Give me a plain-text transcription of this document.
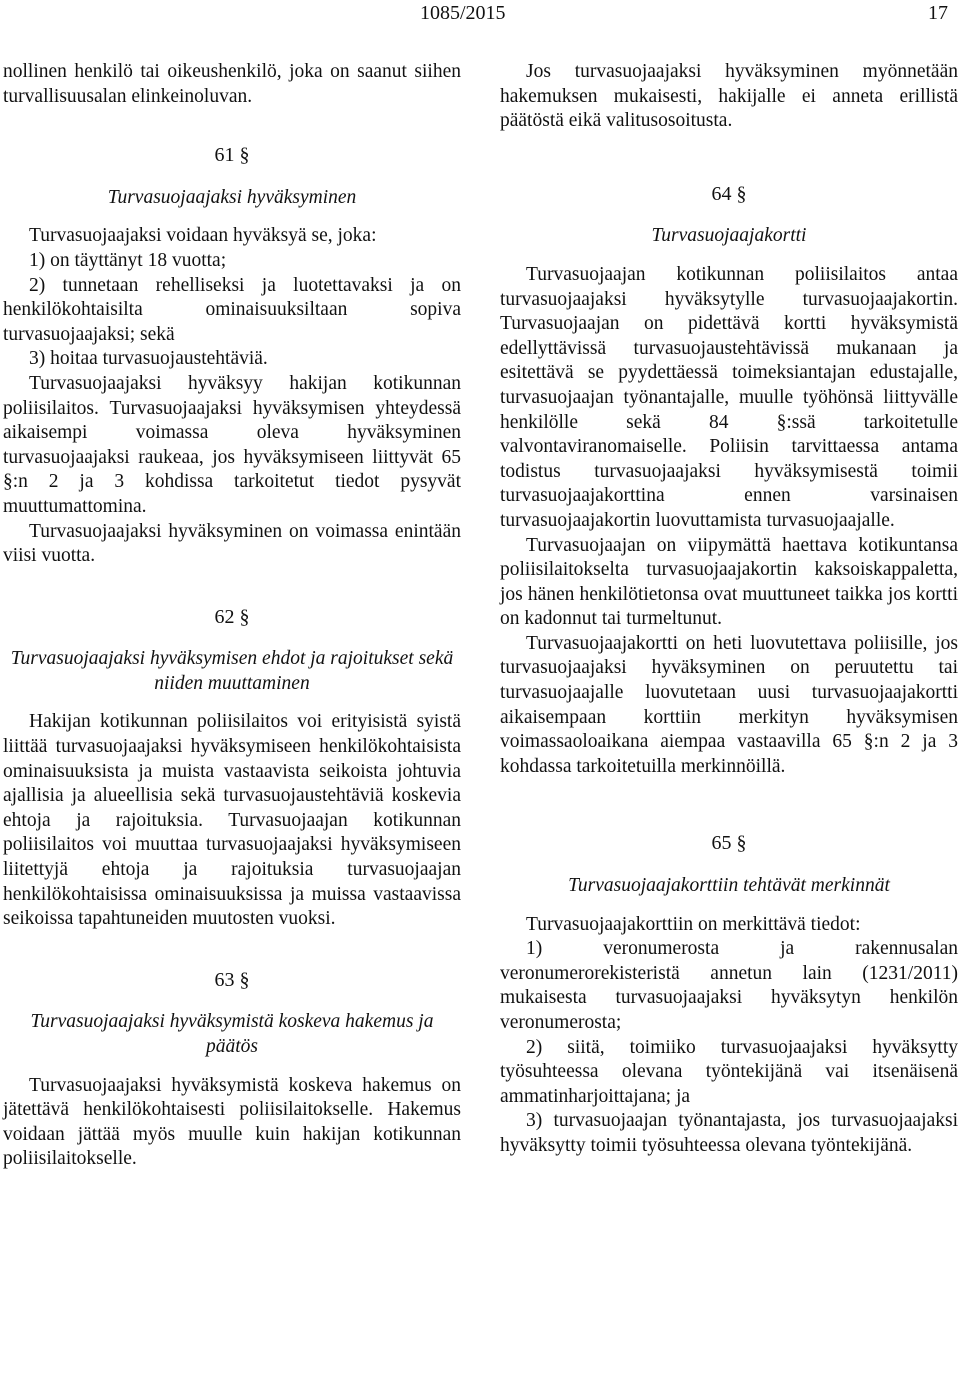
1085/2015	17

nollinen henkilö tai oikeushenkilö, joka on saanut siihen turvallisuusalan elinkeinoluvan.

61 §
Turvasuojaajaksi hyväksyminen

Turvasuojaajaksi voidaan hyväksyä se, joka:

1) on täyttänyt 18 vuotta;

2) tunnetaan rehelliseksi ja luotettavaksi ja on henkilökohtaisilta ominaisuuksiltaan sopiva turvasuojaajaksi; sekä

3) hoitaa turvasuojaustehtäviä.

Turvasuojaajaksi hyväksyy hakijan kotikunnan poliisilaitos. Turvasuojaajaksi hyväksymisen yhteydessä aikaisempi voimassa oleva hyväksyminen turvasuojaajaksi raukeaa, jos hyväksymiseen liittyvät 65 §:n 2 ja 3 kohdissa tarkoitetut tiedot pysyvät muuttumattomina.

Turvasuojaajaksi hyväksyminen on voimassa enintään viisi vuotta.

62 §
Turvasuojaajaksi hyväksymisen ehdot ja rajoitukset sekä niiden muuttaminen

Hakijan kotikunnan poliisilaitos voi erityisistä syistä liittää turvasuojaajaksi hyväksymiseen henkilökohtaisista ominaisuuksista ja muista vastaavista seikoista johtuvia ajallisia ja alueellisia sekä turvasuojaustehtäviä koskevia ehtoja ja rajoituksia. Turvasuojaajan kotikunnan poliisilaitos voi muuttaa turvasuojaajaksi hyväksymiseen liitettyjä ehtoja ja rajoituksia turvasuojaajan henkilökohtaisissa ominaisuuksissa ja muissa vastaavissa seikoissa tapahtuneiden muutosten vuoksi.

63 §
Turvasuojaajaksi hyväksymistä koskeva hakemus ja päätös

Turvasuojaajaksi hyväksymistä koskeva hakemus on jätettävä henkilökohtaisesti poliisilaitokselle. Hakemus voidaan jättää myös muulle kuin hakijan kotikunnan poliisilaitokselle.

Jos turvasuojaajaksi hyväksyminen myönnetään hakemuksen mukaisesti, hakijalle ei anneta erillistä päätöstä eikä valitusosoitusta.

64 §
Turvasuojaajakortti

Turvasuojaajan kotikunnan poliisilaitos antaa turvasuojaajaksi hyväksytylle turvasuojaajakortin. Turvasuojaajan on pidettävä kortti hyväksymistä edellyttävissä turvasuojaustehtävissä mukanaan ja esitettävä se pyydettäessä toimeksiantajan edustajalle, turvasuojaajan työnantajalle, muulle työhönsä liittyvälle henkilölle sekä 84 §:ssä tarkoitetulle valvontaviranomaiselle. Poliisin tarvittaessa antama todistus turvasuojaajaksi hyväksymisestä toimii turvasuojaajakorttina ennen varsinaisen turvasuojaajakortin luovuttamista turvasuojaajalle.

Turvasuojaajan on viipymättä haettava kotikuntansa poliisilaitokselta turvasuojaajakortin kaksoiskappaletta, jos hänen henkilötietonsa ovat muuttuneet taikka jos kortti on kadonnut tai turmeltunut.

Turvasuojaajakortti on heti luovutettava poliisille, jos turvasuojaajaksi hyväksyminen on peruutettu tai turvasuojaajalle luovutetaan uusi turvasuojaajakortti aikaisempaan korttiin merkityn hyväksymisen voimassaoloaikana aiempaa vastaavilla 65 §:n 2 ja 3 kohdassa tarkoitetuilla merkinnöillä.

65 §
Turvasuojaajakorttiin tehtävät merkinnät

Turvasuojaajakorttiin on merkittävä tiedot:

1) veronumerosta ja rakennusalan veronumerorekisteristä annetun lain (1231/2011) mukaisesta turvasuojaajaksi hyväksytyn henkilön veronumerosta;

2) siitä, toimiiko turvasuojaajaksi hyväksytty työsuhteessa olevana työntekijänä vai itsenäisenä ammatinharjoittajana; ja

3) turvasuojaajan työnantajasta, jos turvasuojaajaksi hyväksytty toimii työsuhteessa olevana työntekijänä.
